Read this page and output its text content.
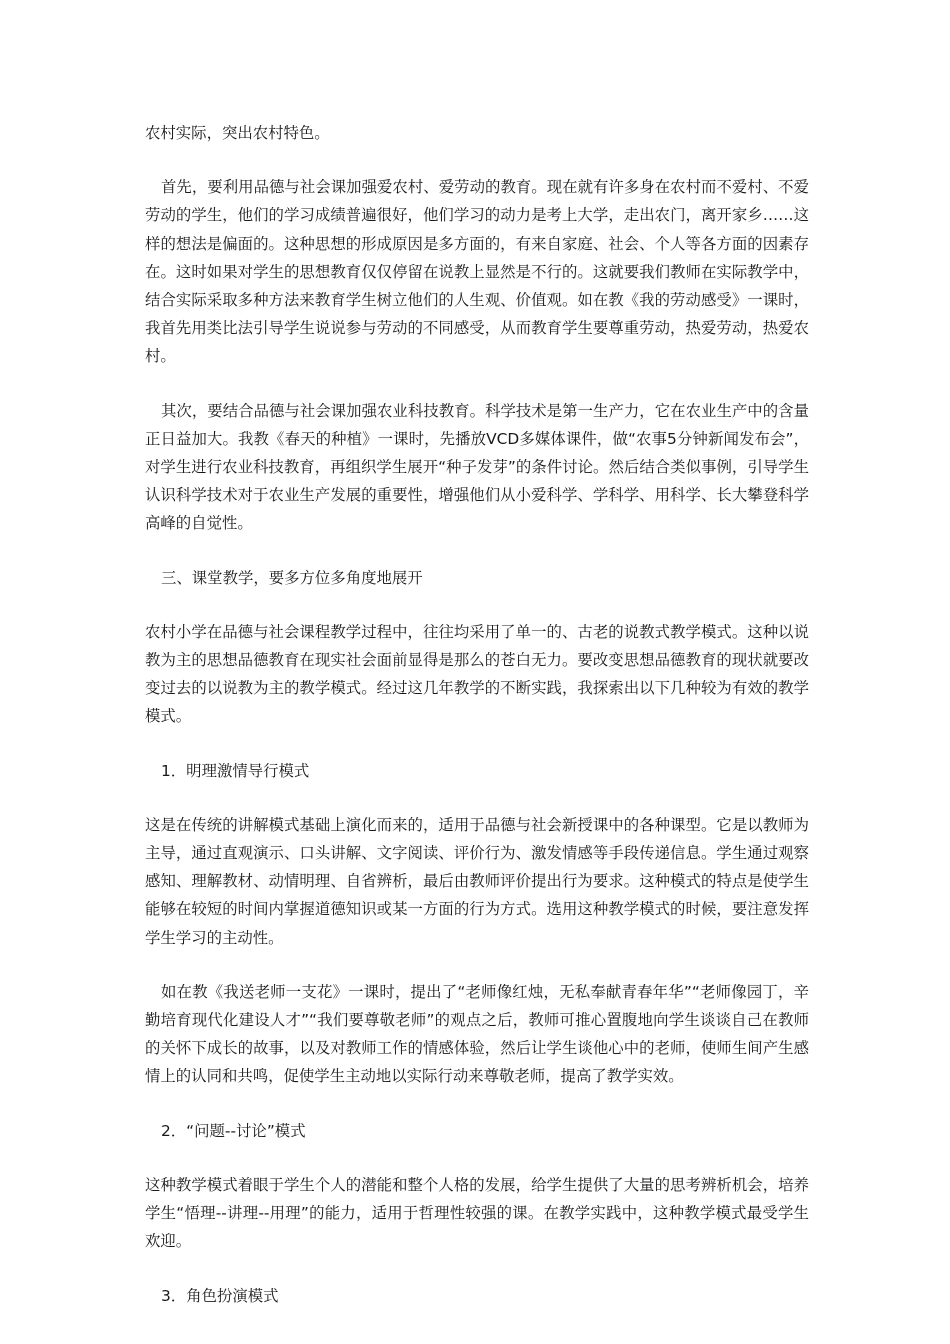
农村实际，突出农村特色。

首先，要利用品德与社会课加强爱农村、爱劳动的教育。现在就有许多身在农村而不爱村、不爱劳动的学生，他们的学习成绩普遍很好，他们学习的动力是考上大学，走出农门，离开家乡……这样的想法是偏面的。这种思想的形成原因是多方面的，有来自家庭、社会、个人等各方面的因素存在。这时如果对学生的思想教育仅仅停留在说教上显然是不行的。这就要我们教师在实际教学中，结合实际采取多种方法来教育学生树立他们的人生观、价值观。如在教《我的劳动感受》一课时，我首先用类比法引导学生说说参与劳动的不同感受，从而教育学生要尊重劳动，热爱劳动，热爱农村。

其次，要结合品德与社会课加强农业科技教育。科学技术是第一生产力，它在农业生产中的含量正日益加大。我教《春天的种植》一课时，先播放VCD多媒体课件，做“农事5分钟新闻发布会”，对学生进行农业科技教育，再组织学生展开“种子发芽”的条件讨论。然后结合类似事例，引导学生认识科学技术对于农业生产发展的重要性，增强他们从小爱科学、学科学、用科学、长大攀登科学高峰的自觉性。

三、课堂教学，要多方位多角度地展开

农村小学在品德与社会课程教学过程中，往往均采用了单一的、古老的说教式教学模式。这种以说教为主的思想品德教育在现实社会面前显得是那么的苍白无力。要改变思想品德教育的现状就要改变过去的以说教为主的教学模式。经过这几年教学的不断实践，我探索出以下几种较为有效的教学模式。

1．明理激情导行模式

这是在传统的讲解模式基础上演化而来的，适用于品德与社会新授课中的各种课型。它是以教师为主导，通过直观演示、口头讲解、文字阅读、评价行为、激发情感等手段传递信息。学生通过观察感知、理解教材、动情明理、自省辨析，最后由教师评价提出行为要求。这种模式的特点是使学生能够在较短的时间内掌握道德知识或某一方面的行为方式。选用这种教学模式的时候，要注意发挥学生学习的主动性。

如在教《我送老师一支花》一课时，提出了“老师像红烛，无私奉献青春年华”“老师像园丁，辛勤培育现代化建设人才”“我们要尊敬老师”的观点之后，教师可推心置腹地向学生谈谈自己在教师的关怀下成长的故事，以及对教师工作的情感体验，然后让学生谈他心中的老师，使师生间产生感情上的认同和共鸣，促使学生主动地以实际行动来尊敬老师，提高了教学实效。

2．“问题--讨论”模式

这种教学模式着眼于学生个人的潜能和整个人格的发展，给学生提供了大量的思考辨析机会，培养学生“悟理--讲理--用理”的能力，适用于哲理性较强的课。在教学实践中，这种教学模式最受学生欢迎。

3．角色扮演模式
